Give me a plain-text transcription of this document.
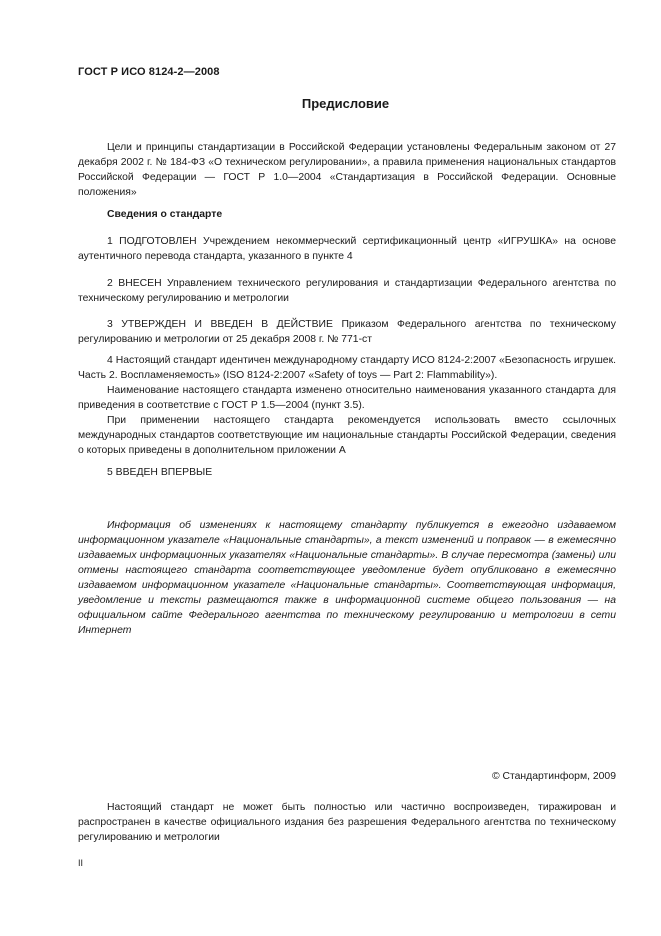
ГОСТ Р ИСО 8124-2—2008
Предисловие

Цели и принципы стандартизации в Российской Федерации установлены Федеральным законом от 27 декабря 2002 г. № 184-ФЗ «О техническом регулировании», а правила применения национальных стандартов Российской Федерации — ГОСТ Р 1.0—2004 «Стандартизация в Российской Федерации. Основные положения»

Сведения о стандарте

1 ПОДГОТОВЛЕН Учреждением некоммерческий сертификационный центр «ИГРУШКА» на основе аутентичного перевода стандарта, указанного в пункте 4

2 ВНЕСЕН Управлением технического регулирования и стандартизации Федерального агентства по техническому регулированию и метрологии

3 УТВЕРЖДЕН И ВВЕДЕН В ДЕЙСТВИЕ Приказом Федерального агентства по техническому регулированию и метрологии от 25 декабря 2008 г. № 771-ст

4 Настоящий стандарт идентичен международному стандарту ИСО 8124-2:2007 «Безопасность игрушек. Часть 2. Воспламеняемость» (ISO 8124-2:2007 «Safety of toys — Part 2: Flammability»).

Наименование настоящего стандарта изменено относительно наименования указанного стандарта для приведения в соответствие с ГОСТ Р 1.5—2004 (пункт 3.5).

При применении настоящего стандарта рекомендуется использовать вместо ссылочных международных стандартов соответствующие им национальные стандарты Российской Федерации, сведения о которых приведены в дополнительном приложении А

5 ВВЕДЕН ВПЕРВЫЕ

Информация об изменениях к настоящему стандарту публикуется в ежегодно издаваемом информационном указателе «Национальные стандарты», а текст изменений и поправок — в ежемесячно издаваемых информационных указателях «Национальные стандарты». В случае пересмотра (замены) или отмены настоящего стандарта соответствующее уведомление будет опубликовано в ежемесячно издаваемом информационном указателе «Национальные стандарты». Соответствующая информация, уведомление и тексты размещаются также в информационной системе общего пользования — на официальном сайте Федерального агентства по техническому регулированию и метрологии в сети Интернет

© Стандартинформ, 2009

Настоящий стандарт не может быть полностью или частично воспроизведен, тиражирован и распространен в качестве официального издания без разрешения Федерального агентства по техническому регулированию и метрологии

II
